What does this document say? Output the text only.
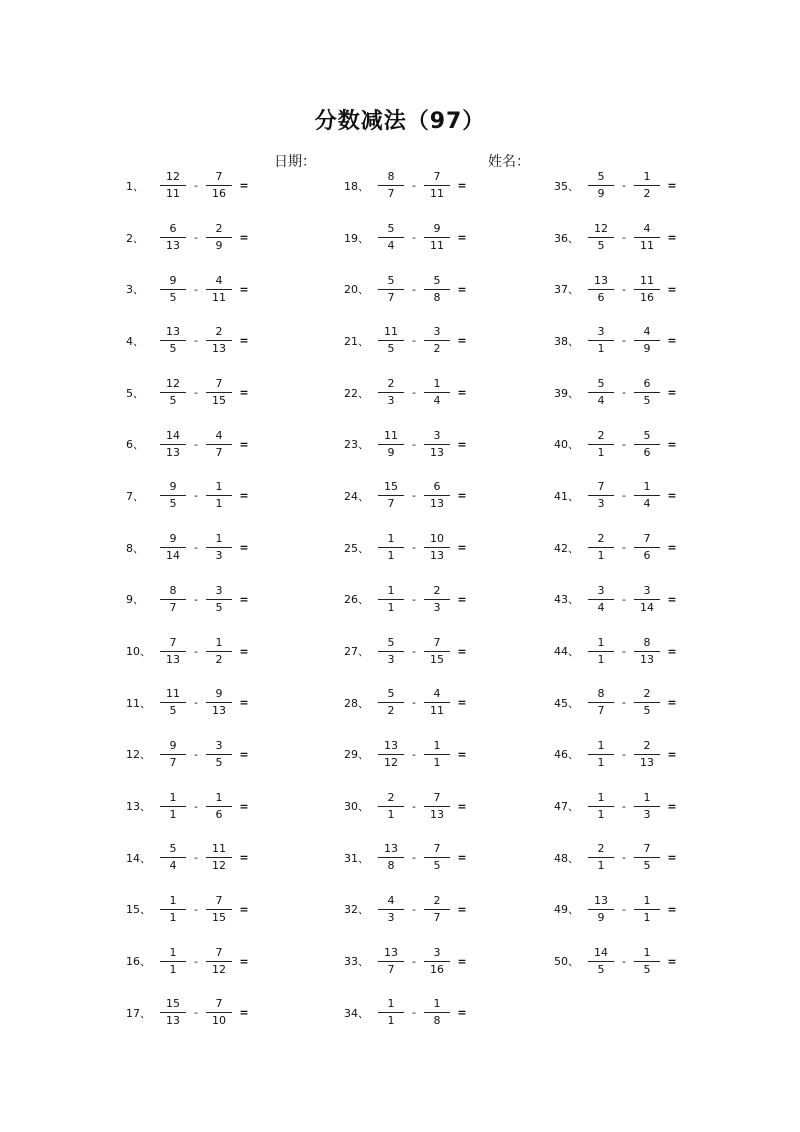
分数减法（97）
日期：	姓名：
1、	$\frac{12}{11} - \frac{7}{16}$ =
2、	$\frac{6}{13} - \frac{2}{9}$ =
3、	$\frac{9}{5} - \frac{4}{11}$ =
4、	$\frac{13}{5} - \frac{2}{13}$ =
5、	$\frac{12}{5} - \frac{7}{15}$ =
6、	$\frac{14}{13} - \frac{4}{7}$ =
7、	$\frac{9}{5} - \frac{1}{1}$ =
8、	$\frac{9}{14} - \frac{1}{3}$ =
9、	$\frac{8}{7} - \frac{3}{5}$ =
10、 $\frac{7}{13} - \frac{1}{2}$ =
11、 $\frac{11}{5} - \frac{9}{13}$ =
12、 $\frac{9}{7} - \frac{3}{5}$ =
13、 $\frac{1}{1} - \frac{1}{6}$ =
14、 $\frac{5}{4} - \frac{11}{12}$ =
15、 $\frac{1}{1} - \frac{7}{15}$ =
16、 $\frac{1}{1} - \frac{7}{12}$ =
17、 $\frac{15}{13} - \frac{7}{10}$ =
18、 $\frac{8}{7} - \frac{7}{11}$ =
19、 $\frac{5}{4} - \frac{9}{11}$ =
20、 $\frac{5}{7} - \frac{5}{8}$ =
21、 $\frac{11}{5} - \frac{3}{2}$ =
22、 $\frac{2}{3} - \frac{1}{4}$ =
23、 $\frac{11}{9} - \frac{3}{13}$ =
24、 $\frac{15}{7} - \frac{6}{13}$ =
25、 $\frac{1}{1} - \frac{10}{13}$ =
26、 $\frac{1}{1} - \frac{2}{3}$ =
27、 $\frac{5}{3} - \frac{7}{15}$ =
28、 $\frac{5}{2} - \frac{4}{11}$ =
29、 $\frac{13}{12} - \frac{1}{1}$ =
30、 $\frac{2}{1} - \frac{7}{13}$ =
31、 $\frac{13}{8} - \frac{7}{5}$ =
32、 $\frac{4}{3} - \frac{2}{7}$ =
33、 $\frac{13}{7} - \frac{3}{16}$ =
34、 $\frac{1}{1} - \frac{1}{8}$ =
35、 $\frac{5}{9} - \frac{1}{2}$ =
36、 $\frac{12}{5} - \frac{4}{11}$ =
37、 $\frac{13}{6} - \frac{11}{16}$ =
38、 $\frac{3}{1} - \frac{4}{9}$ =
39、 $\frac{5}{4} - \frac{6}{5}$ =
40、 $\frac{2}{1} - \frac{5}{6}$ =
41、 $\frac{7}{3} - \frac{1}{4}$ =
42、 $\frac{2}{1} - \frac{7}{6}$ =
43、 $\frac{3}{4} - \frac{3}{14}$ =
44、 $\frac{1}{1} - \frac{8}{13}$ =
45、 $\frac{8}{7} - \frac{2}{5}$ =
46、 $\frac{1}{1} - \frac{2}{13}$ =
47、 $\frac{1}{1} - \frac{1}{3}$ =
48、 $\frac{2}{1} - \frac{7}{5}$ =
49、 $\frac{13}{9} - \frac{1}{1}$ =
50、 $\frac{14}{5} - \frac{1}{5}$ =
